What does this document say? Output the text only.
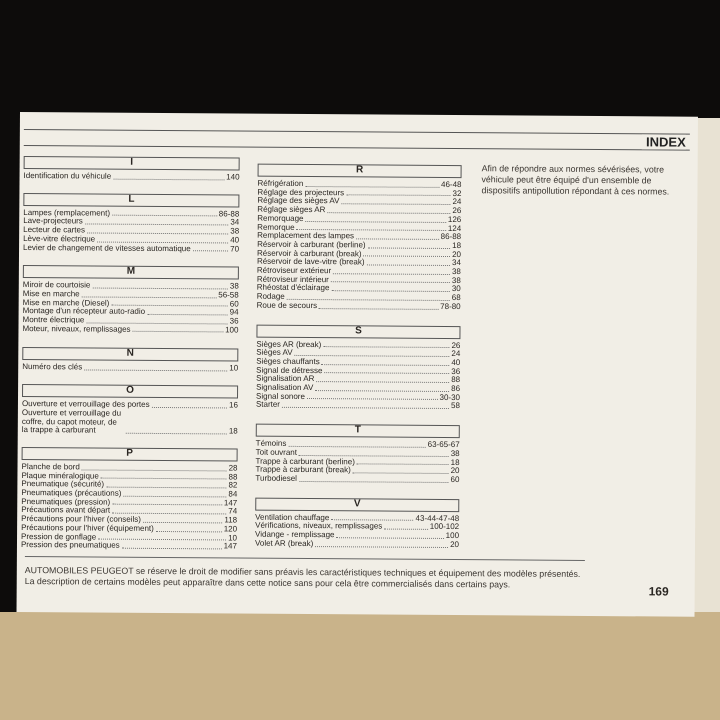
INDEX
I
Identification du véhicule	140
L
Lampes (remplacement)	86-88
Lave-projecteurs	34
Lecteur de cartes	38
Lève-vitre électrique	40
Levier de changement de vitesses automatique	70
M
Miroir de courtoisie	38
Mise en marche	56-58
Mise en marche (Diesel)	60
Montage d'un récepteur auto-radio	94
Montre électrique	36
Moteur, niveaux, remplissages	100
N
Numéro des clés	10
O
Ouverture et verrouillage des portes	16
Ouverture et verrouillage du coffre, du capot moteur, de la trappe à carburant	18
P
Planche de bord	28
Plaque minéralogique	88
Pneumatique (sécurité)	82
Pneumatiques (précautions)	84
Pneumatiques (pression)	147
Précautions avant départ	74
Précautions pour l'hiver (conseils)	118
Précautions pour l'hiver (équipement)	120
Pression de gonflage	10
Pression des pneumatiques	147
R
Réfrigération	46-48
Réglage des projecteurs	32
Réglage des sièges AV	24
Réglage sièges AR	26
Remorquage	126
Remorque	124
Remplacement des lampes	86-88
Réservoir à carburant (berline)	18
Réservoir à carburant (break)	20
Réservoir de lave-vitre (break)	34
Rétroviseur extérieur	38
Rétroviseur intérieur	38
Rhéostat d'éclairage	30
Rodage	68
Roue de secours	78-80
S
Sièges AR (break)	26
Sièges AV	24
Sièges chauffants	40
Signal de détresse	36
Signalisation AR	88
Signalisation AV	86
Signal sonore	30-30
Starter	58
T
Témoins	63-65-67
Toit ouvrant	38
Trappe à carburant (berline)	18
Trappe à carburant (break)	20
Turbodiesel	60
V
Ventilation chauffage	43-44-47-48
Vérifications, niveaux, remplissages	100-102
Vidange - remplissage	100
Volet AR (break)	20
Afin de répondre aux normes sévérisées, votre véhicule peut être équipé d'un ensemble de dispositifs antipollution répondant à ces normes.
AUTOMOBILES PEUGEOT se réserve le droit de modifier sans préavis les caractéristiques techniques et équipement des modèles présentés. La description de certains modèles peut apparaître dans cette notice sans pour cela être commercialisés dans certains pays.
169
